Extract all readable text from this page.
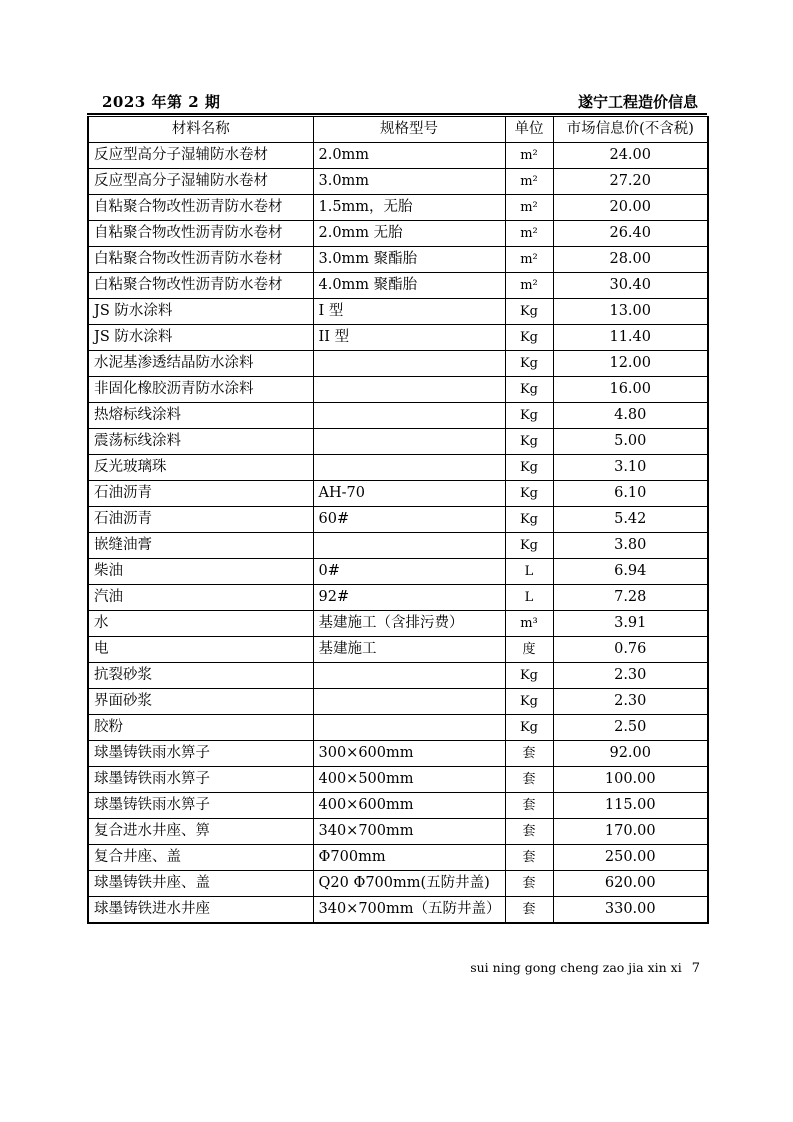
2023 年第 2 期	遂宁工程造价信息
材料名称	规格型号	单位	市场信息价(不含税)
反应型高分子湿辅防水卷材	2.0mm	m²	24.00
反应型高分子湿辅防水卷材	3.0mm	m²	27.20
自粘聚合物改性沥青防水卷材	1.5mm，无胎	m²	20.00
自粘聚合物改性沥青防水卷材	2.0mm 无胎	m²	26.40
白粘聚合物改性沥青防水卷材	3.0mm 聚酯胎	m²	28.00
白粘聚合物改性沥青防水卷材	4.0mm 聚酯胎	m²	30.40
JS 防水涂料	I 型	Kg	13.00
JS 防水涂料	II 型	Kg	11.40
水泥基渗透结晶防水涂料		Kg	12.00
非固化橡胶沥青防水涂料		Kg	16.00
热熔标线涂料		Kg	4.80
震荡标线涂料		Kg	5.00
反光玻璃珠		Kg	3.10
石油沥青	AH-70	Kg	6.10
石油沥青	60#	Kg	5.42
嵌缝油膏		Kg	3.80
柴油	0#	L	6.94
汽油	92#	L	7.28
水	基建施工（含排污费）	m³	3.91
电	基建施工	度	0.76
抗裂砂浆		Kg	2.30
界面砂浆		Kg	2.30
胶粉		Kg	2.50
球墨铸铁雨水箅子	300×600mm	套	92.00
球墨铸铁雨水箅子	400×500mm	套	100.00
球墨铸铁雨水箅子	400×600mm	套	115.00
复合进水井座、箅	340×700mm	套	170.00
复合井座、盖	Φ700mm	套	250.00
球墨铸铁井座、盖	Q20 Φ700mm(五防井盖)	套	620.00
球墨铸铁进水井座	340×700mm（五防井盖）	套	330.00
sui ning gong cheng zao jia xin xi 7
